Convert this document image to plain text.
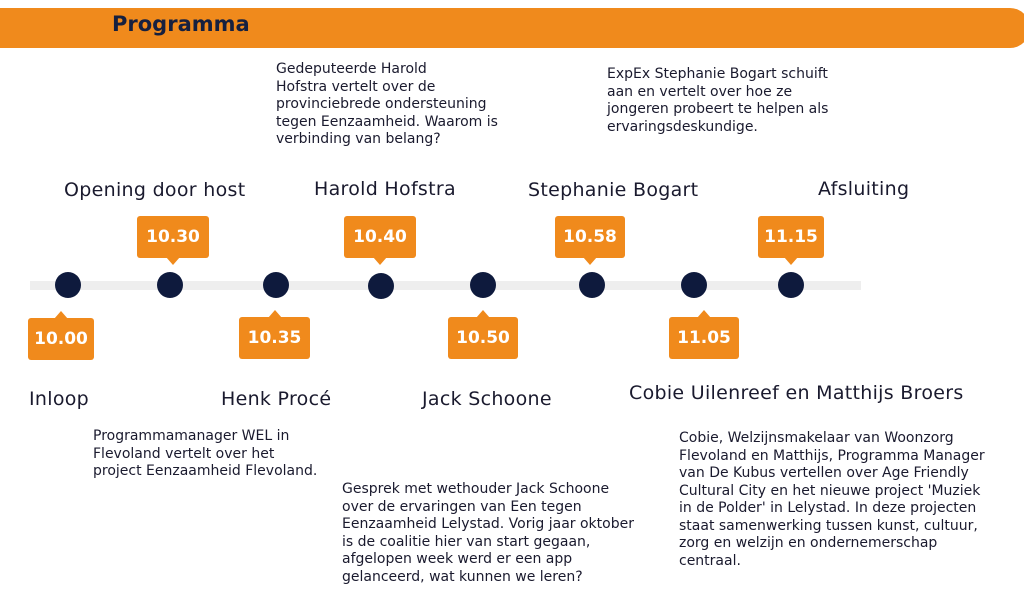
Programma
10.00
10.30
10.35
10.40
10.50
10.58
11.05
11.15
Inloop
Opening door host
Henk Procé
Harold Hofstra
Jack Schoone
Stephanie Bogart
Cobie Uilenreef en Matthijs Broers
Afsluiting
Programmamanager WEL in
Flevoland vertelt over het
project Eenzaamheid Flevoland.
Gedeputeerde Harold
Hofstra vertelt over de
provinciebrede ondersteuning
tegen Eenzaamheid. Waarom is
verbinding van belang?
Gesprek met wethouder Jack Schoone
over de ervaringen van Een tegen
Eenzaamheid Lelystad. Vorig jaar oktober
is de coalitie hier van start gegaan,
afgelopen week werd er een app
gelanceerd, wat kunnen we leren?
ExpEx Stephanie Bogart schuift
aan en vertelt over hoe ze
jongeren probeert te helpen als
ervaringsdeskundige.
Cobie, Welzijnsmakelaar van Woonzorg
Flevoland en Matthijs, Programma Manager
van De Kubus vertellen over Age Friendly
Cultural City en het nieuwe project 'Muziek
in de Polder' in Lelystad. In deze projecten
staat samenwerking tussen kunst, cultuur,
zorg en welzijn en ondernemerschap
centraal.
